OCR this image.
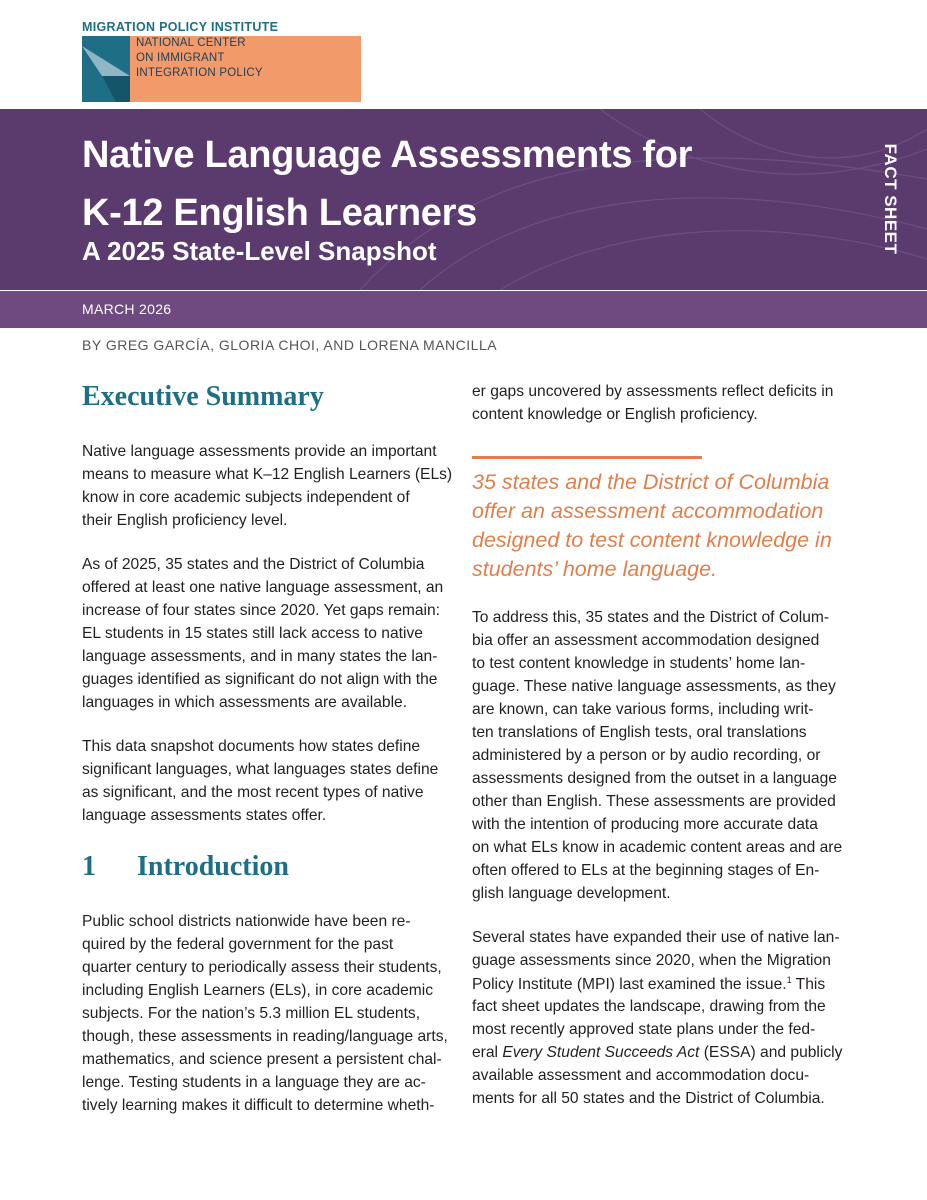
MIGRATION POLICY INSTITUTE
NATIONAL CENTER
ON IMMIGRANT
INTEGRATION POLICY
Native Language Assessments for
K-12 English Learners
A 2025 State-Level Snapshot	FACT SHEET
MARCH 2026
BY GREG GARCÍA, GLORIA CHOI, AND LORENA MANCILLA
Executive Summary
Native language assessments provide an important
means to measure what K–12 English Learners (ELs)
know in core academic subjects independent of
their English proficiency level.
As of 2025, 35 states and the District of Columbia
offered at least one native language assessment, an
increase of four states since 2020. Yet gaps remain:
EL students in 15 states still lack access to native
language assessments, and in many states the lan-
guages identified as significant do not align with the
languages in which assessments are available.
This data snapshot documents how states define
significant languages, what languages states define
as significant, and the most recent types of native
language assessments states offer.
1 Introduction
Public school districts nationwide have been re-
quired by the federal government for the past
quarter century to periodically assess their students,
including English Learners (ELs), in core academic
subjects. For the nation’s 5.3 million EL students,
though, these assessments in reading/language arts,
mathematics, and science present a persistent chal-
lenge. Testing students in a language they are ac-
tively learning makes it difficult to determine wheth-
er gaps uncovered by assessments reflect deficits in
content knowledge or English proficiency.
35 states and the District of Columbia
offer an assessment accommodation
designed to test content knowledge in
students’ home language.
To address this, 35 states and the District of Colum-
bia offer an assessment accommodation designed
to test content knowledge in students’ home lan-
guage. These native language assessments, as they
are known, can take various forms, including writ-
ten translations of English tests, oral translations
administered by a person or by audio recording, or
assessments designed from the outset in a language
other than English. These assessments are provided
with the intention of producing more accurate data
on what ELs know in academic content areas and are
often offered to ELs at the beginning stages of En-
glish language development.
Several states have expanded their use of native lan-
guage assessments since 2020, when the Migration
Policy Institute (MPI) last examined the issue.$^1$ This
fact sheet updates the landscape, drawing from the
most recently approved state plans under the fed-
eral Every Student Succeeds Act (ESSA) and publicly
available assessment and accommodation docu-
ments for all 50 states and the District of Columbia.
